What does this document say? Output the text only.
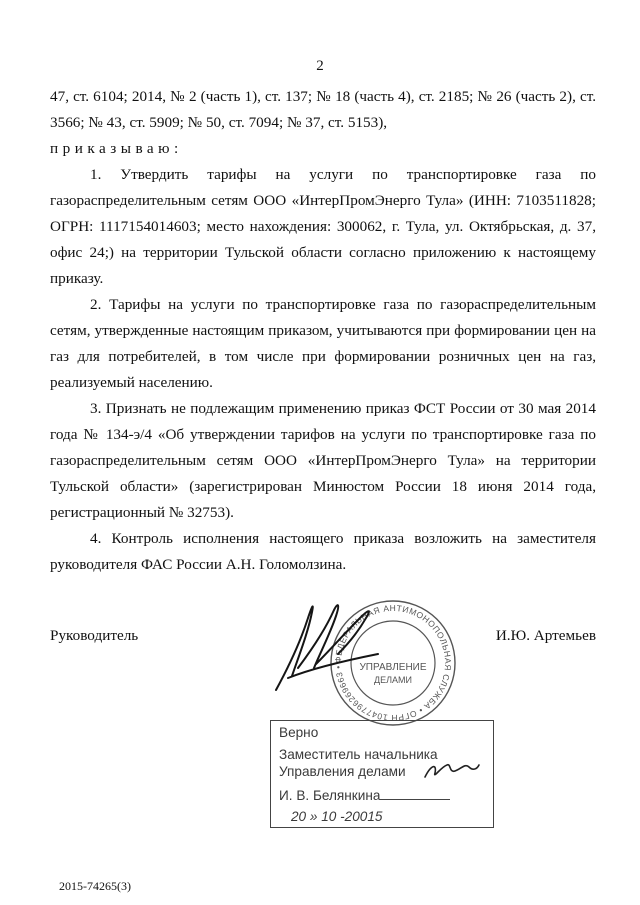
2

47, ст. 6104; 2014, № 2 (часть 1), ст. 137; № 18 (часть 4), ст. 2185; № 26 (часть 2), ст. 3566; № 43, ст. 5909; № 50, ст. 7094; № 37, ст. 5153),

приказываю:

1. Утвердить тарифы на услуги по транспортировке газа по газораспределительным сетям ООО «ИнтерПромЭнерго Тула» (ИНН: 7103511828; ОГРН: 1117154014603; место нахождения: 300062, г. Тула, ул. Октябрьская, д. 37, офис 24;) на территории Тульской области согласно приложению к настоящему приказу.

2. Тарифы на услуги по транспортировке газа по газораспределительным сетям, утвержденные настоящим приказом, учитываются при формировании цен на газ для потребителей, в том числе при формировании розничных цен на газ, реализуемый населению.

3. Признать не подлежащим применению приказ ФСТ России от 30 мая 2014 года № 134-э/4 «Об утверждении тарифов на услуги по транспортировке газа по газораспределительным сетям ООО «ИнтерПромЭнерго Тула» на территории Тульской области» (зарегистрирован Минюстом России 18 июня 2014 года, регистрационный № 32753).

4. Контроль исполнения настоящего приказа возложить на заместителя руководителя ФАС России А.Н. Голомолзина.

ФЕДЕРАЛЬНАЯ АНТИМОНОПОЛЬНАЯ СЛУЖБА • ОГРН 1047796269663 •	УПРАВЛЕНИЕ
ДЕЛАМИ
Руководитель	И.Ю. Артемьев
Верно
Заместитель начальника
Управления делами
И. В. Белянкина
20 » 10 -20015
2015-74265(3)
